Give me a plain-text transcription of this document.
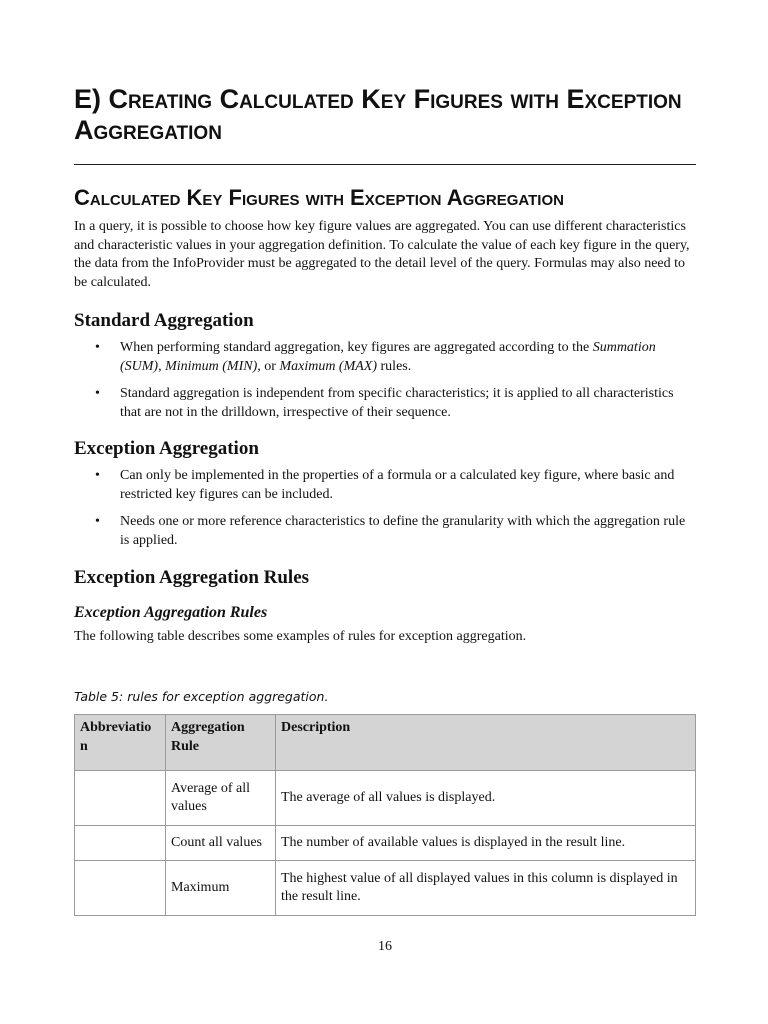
E) Creating Calculated Key Figures with Exception Aggregation
Calculated Key Figures with Exception Aggregation

In a query, it is possible to choose how key figure values are aggregated. You can use different characteristics and characteristic values in your aggregation definition. To calculate the value of each key figure in the query, the data from the InfoProvider must be aggregated to the detail level of the query. Formulas may also need to be calculated.

Standard Aggregation
• When performing standard aggregation, key figures are aggregated according to the Summation (SUM), Minimum (MIN), or Maximum (MAX) rules.
• Standard aggregation is independent from specific characteristics; it is applied to all characteristics that are not in the drilldown, irrespective of their sequence.
Exception Aggregation
• Can only be implemented in the properties of a formula or a calculated key figure, where basic and restricted key figures can be included.
• Needs one or more reference characteristics to define the granularity with which the aggregation rule is applied.
Exception Aggregation Rules
Exception Aggregation Rules

The following table describes some examples of rules for exception aggregation.

Table 5: rules for exception aggregation.
Abbreviatio n	Aggregation Rule	Description
	Average of all values	The average of all values is displayed.
	Count all values	The number of available values is displayed in the result line.
	Maximum	The highest value of all displayed values in this column is displayed in the result line.
16
